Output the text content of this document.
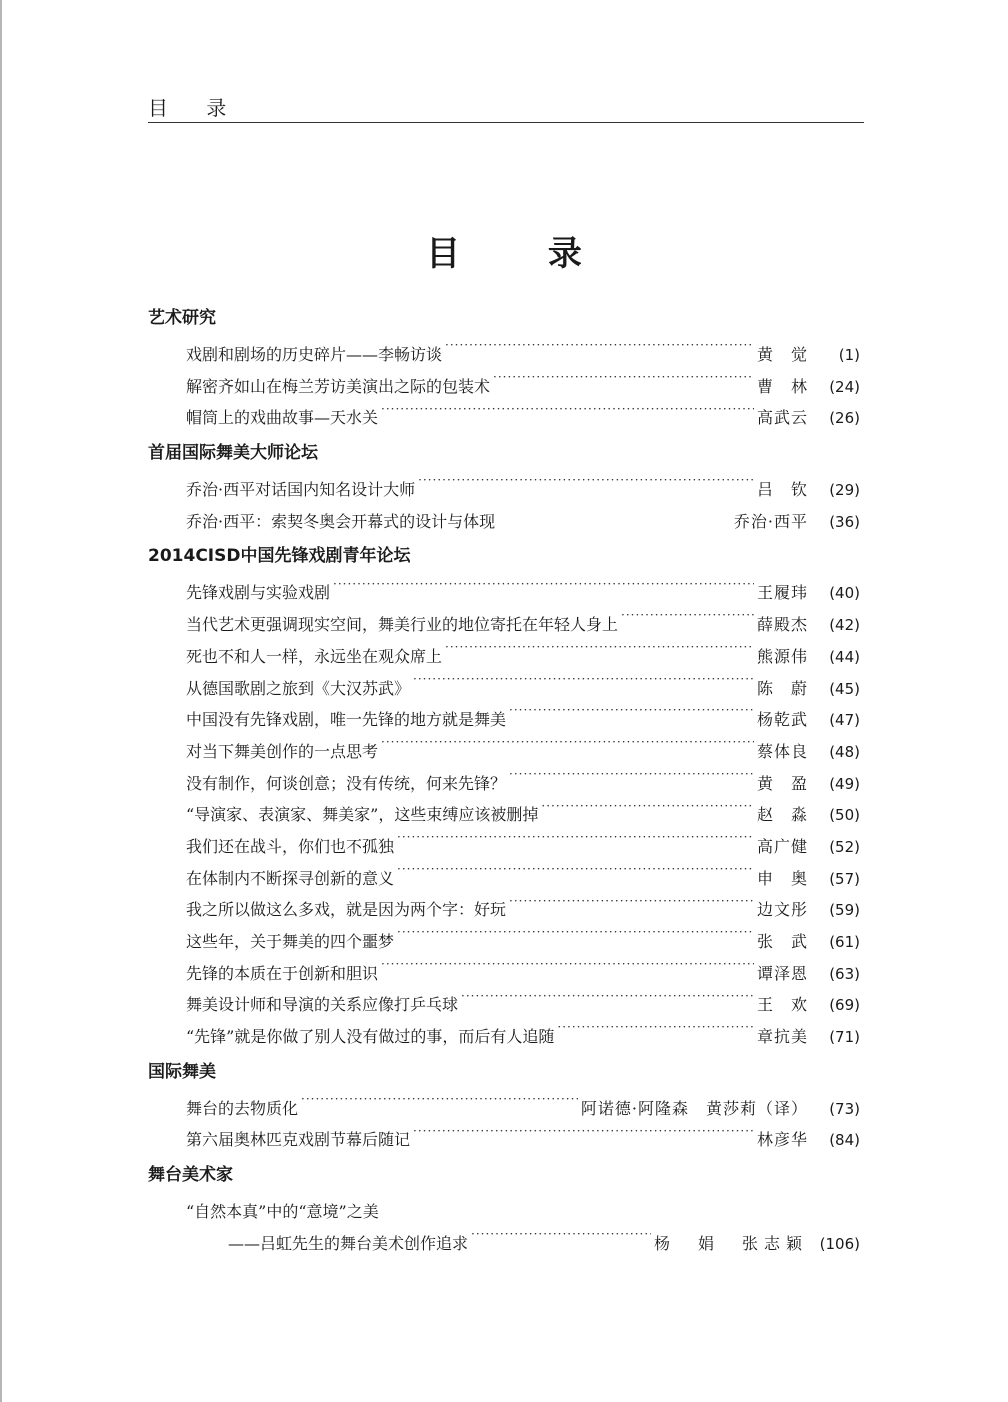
目 录
目 录
艺术研究
戏剧和剧场的历史碎片——李畅访谈 ·····	黄　觉	(1)
解密齐如山在梅兰芳访美演出之际的包装术 ·····	曹　林	(24)
帽筒上的戏曲故事—天水关 ·····	高武云	(26)
首届国际舞美大师论坛
乔治·西平对话国内知名设计大师 ·····	吕　钦	(29)
乔治·西平：索契冬奥会开幕式的设计与体现	乔治·西平	(36)
2014CISD中国先锋戏剧青年论坛
先锋戏剧与实验戏剧 ·····	王履玮	(40)
当代艺术更强调现实空间，舞美行业的地位寄托在年轻人身上 ·····	薛殿杰	(42)
死也不和人一样，永远坐在观众席上 ·····	熊源伟	(44)
从德国歌剧之旅到《大汉苏武》 ·····	陈　蔚	(45)
中国没有先锋戏剧，唯一先锋的地方就是舞美 ·····	杨乾武	(47)
对当下舞美创作的一点思考 ·····	蔡体良	(48)
没有制作，何谈创意；没有传统，何来先锋？ ·····	黄　盈	(49)
“导演家、表演家、舞美家”，这些束缚应该被删掉 ·····	赵　淼	(50)
我们还在战斗，你们也不孤独 ·····	高广健	(52)
在体制内不断探寻创新的意义 ·····	申　奥	(57)
我之所以做这么多戏，就是因为两个字：好玩 ·····	边文彤	(59)
这些年，关于舞美的四个噩梦 ·····	张　武	(61)
先锋的本质在于创新和胆识 ·····	谭泽恩	(63)
舞美设计师和导演的关系应像打乒乓球 ·····	王　欢	(69)
“先锋”就是你做了别人没有做过的事，而后有人追随 ·····	章抗美	(71)
国际舞美
舞台的去物质化 ·····	阿诺德·阿隆森　黄莎莉（译）	(73)
第六届奥林匹克戏剧节幕后随记 ·····	林彦华	(84)
舞台美术家
“自然本真”中的“意境”之美
——吕虹先生的舞台美术创作追求 ·····	杨　娟　张志颖 (106)
